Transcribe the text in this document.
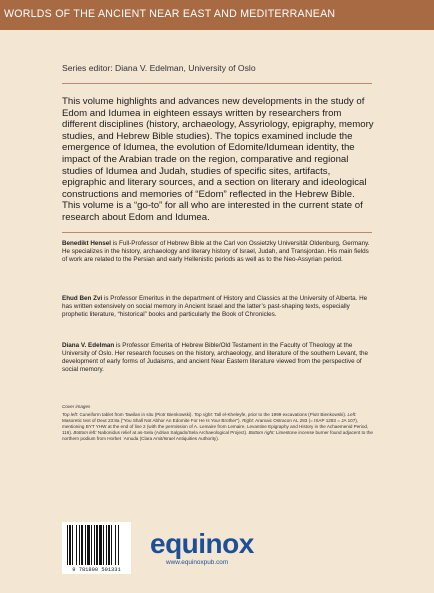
WORLDS OF THE ANCIENT NEAR EAST AND MEDITERRANEAN
Series editor: Diana V. Edelman, University of Oslo
This volume highlights and advances new developments in the study of Edom and Idumea in eighteen essays written by researchers from different disciplines (history, archaeology, Assyriology, epigraphy, memory studies, and Hebrew Bible studies). The topics examined include the emergence of Idumea, the evolution of Edomite/Idumean identity, the impact of the Arabian trade on the region, comparative and regional studies of Idumea and Judah, studies of specific sites, artifacts, epigraphic and literary sources, and a section on literary and ideological constructions and memories of “Edom” reflected in the Hebrew Bible. This volume is a “go-to” for all who are interested in the current state of research about Edom and Idumea.
Benedikt Hensel is Full-Professor of Hebrew Bible at the Carl von Ossietzky Universität Oldenburg, Germany. He specializes in the history, archaeology and literary history of Israel, Judah, and Transjordan. His main fields of work are related to the Persian and early Hellenistic periods as well as to the Neo-Assyrian period.
Ehud Ben Zvi is Professor Emeritus in the department of History and Classics at the University of Alberta. He has written extensively on social memory in Ancient Israel and the latter’s past-shaping texts, especially prophetic literature, “historical” books and particularly the Book of Chronicles.
Diana V. Edelman is Professor Emerita of Hebrew Bible/Old Testament in the Faculty of Theology at the University of Oslo. Her research focuses on the history, archaeology, and literature of the southern Levant, the development of early forms of Judaisms, and ancient Near Eastern literature viewed from the perspective of social memory.
Cover images
Top left: Cuneiform tablet from Tawilan in situ (Piotr Bienkowski). Top right: Tall el-Kheleyfe, prior to the 1999 excavations (Piotr Bienkowski). Left: Masoretic text of Deut 23:8a (“You Shall Not Abhor An Edomite For He Is Your Brother”). Right: Aramaic Ostracon AL 283 (= ISAP 1283 = JA 107), mentioning BYT YHW at the end of line 2 (with the permission of A. Lemaire from Lemaire, Levantine Epigraphy and History in the Achaemenid Period, 116). Bottom left: Nabonidus relief at as-Sela (Adrian Salgado/Sela Archaeological Project). Bottom right: Limestone incense burner found adjacent to the northern podium from Horbet ʿAmuda (Clara Amit/Israel Antiquities Authority).
9 781800 501331
equinox
www.equinoxpub.com
